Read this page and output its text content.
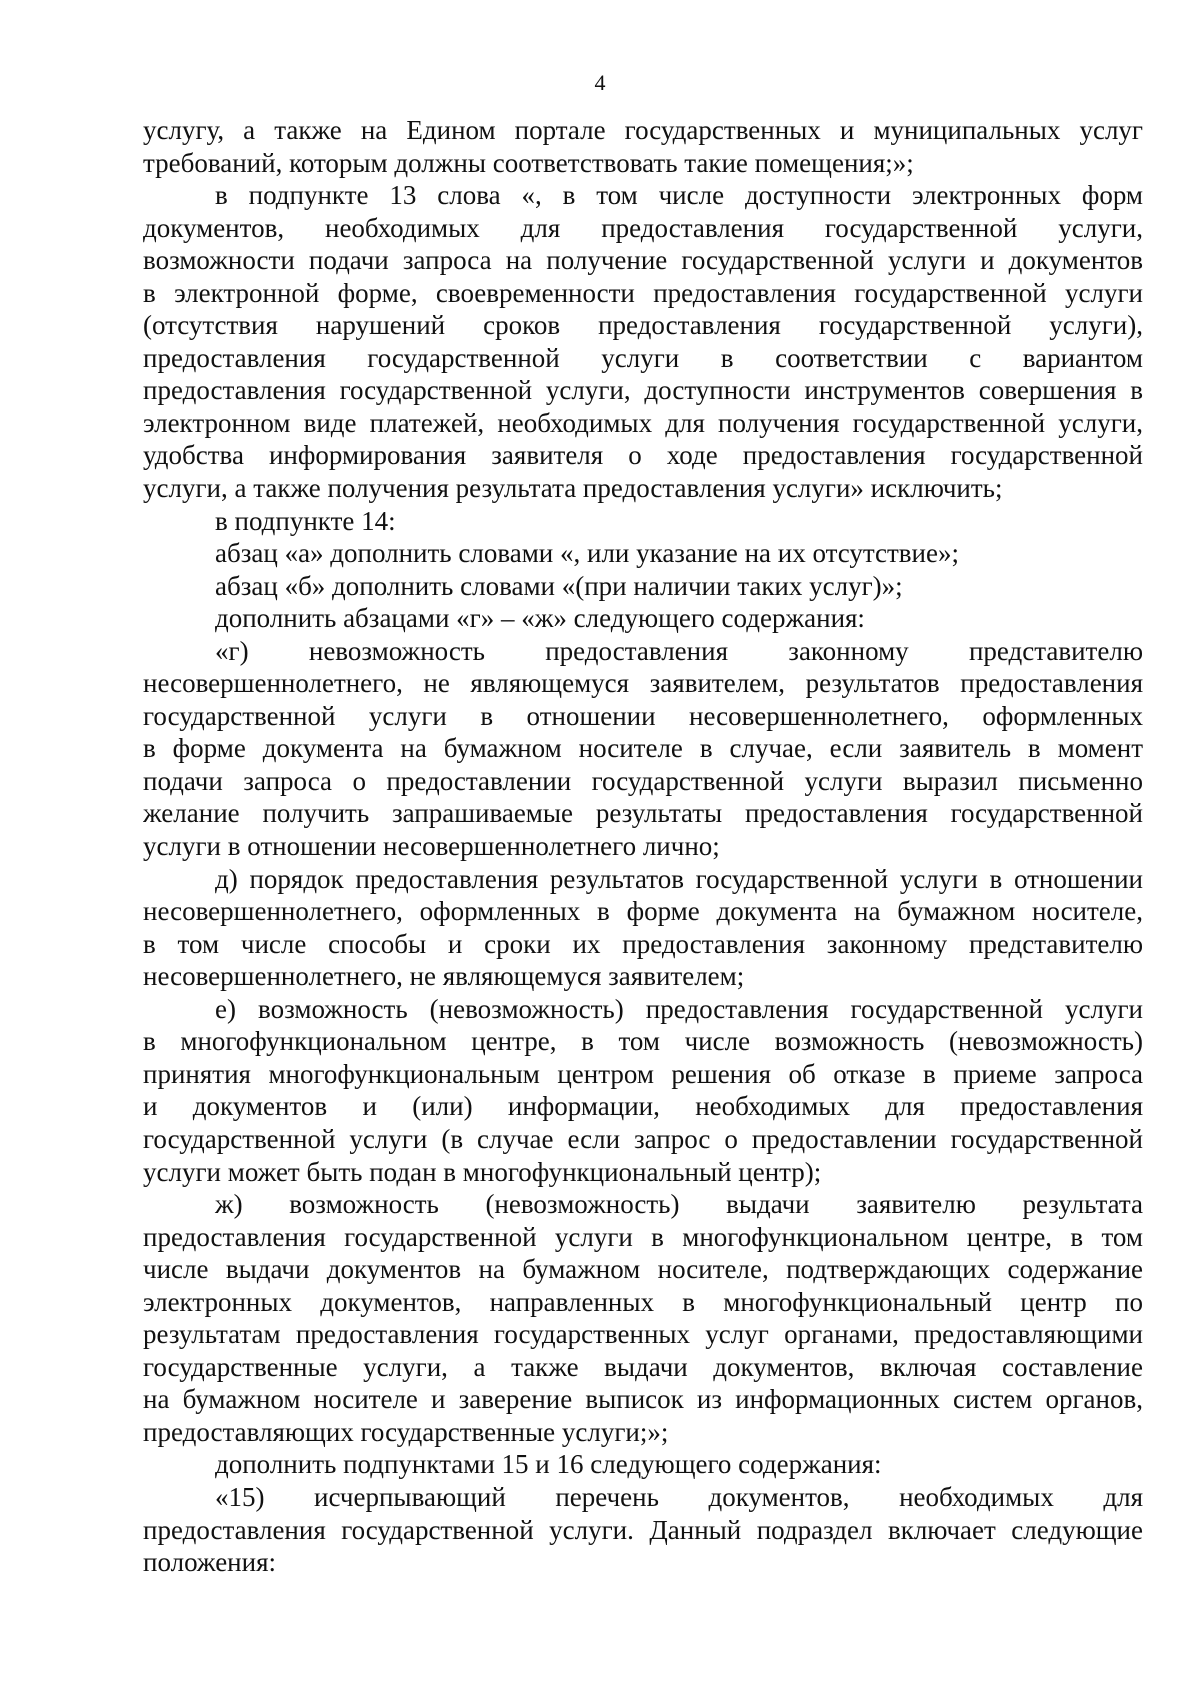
4
услугу, а также на Едином портале государственных и муниципальных услуг
требований, которым должны соответствовать такие помещения;»;
в подпункте 13 слова «, в том числе доступности электронных форм
документов, необходимых для предоставления государственной услуги,
возможности подачи запроса на получение государственной услуги и документов
в электронной форме, своевременности предоставления государственной услуги
(отсутствия нарушений сроков предоставления государственной услуги),
предоставления государственной услуги в соответствии с вариантом
предоставления государственной услуги, доступности инструментов совершения в
электронном виде платежей, необходимых для получения государственной услуги,
удобства информирования заявителя о ходе предоставления государственной
услуги, а также получения результата предоставления услуги» исключить;
в подпункте 14:
абзац «а» дополнить словами «, или указание на их отсутствие»;
абзац «б» дополнить словами «(при наличии таких услуг)»;
дополнить абзацами «г» – «ж» следующего содержания:
«г) невозможность предоставления законному представителю
несовершеннолетнего, не являющемуся заявителем, результатов предоставления
государственной услуги в отношении несовершеннолетнего, оформленных
в форме документа на бумажном носителе в случае, если заявитель в момент
подачи запроса о предоставлении государственной услуги выразил письменно
желание получить запрашиваемые результаты предоставления государственной
услуги в отношении несовершеннолетнего лично;
д) порядок предоставления результатов государственной услуги в отношении
несовершеннолетнего, оформленных в форме документа на бумажном носителе,
в том числе способы и сроки их предоставления законному представителю
несовершеннолетнего, не являющемуся заявителем;
е) возможность (невозможность) предоставления государственной услуги
в многофункциональном центре, в том числе возможность (невозможность)
принятия многофункциональным центром решения об отказе в приеме запроса
и документов и (или) информации, необходимых для предоставления
государственной услуги (в случае если запрос о предоставлении государственной
услуги может быть подан в многофункциональный центр);
ж) возможность (невозможность) выдачи заявителю результата
предоставления государственной услуги в многофункциональном центре, в том
числе выдачи документов на бумажном носителе, подтверждающих содержание
электронных документов, направленных в многофункциональный центр по
результатам предоставления государственных услуг органами, предоставляющими
государственные услуги, а также выдачи документов, включая составление
на бумажном носителе и заверение выписок из информационных систем органов,
предоставляющих государственные услуги;»;
дополнить подпунктами 15 и 16 следующего содержания:
«15) исчерпывающий перечень документов, необходимых для
предоставления государственной услуги. Данный подраздел включает следующие
положения:
